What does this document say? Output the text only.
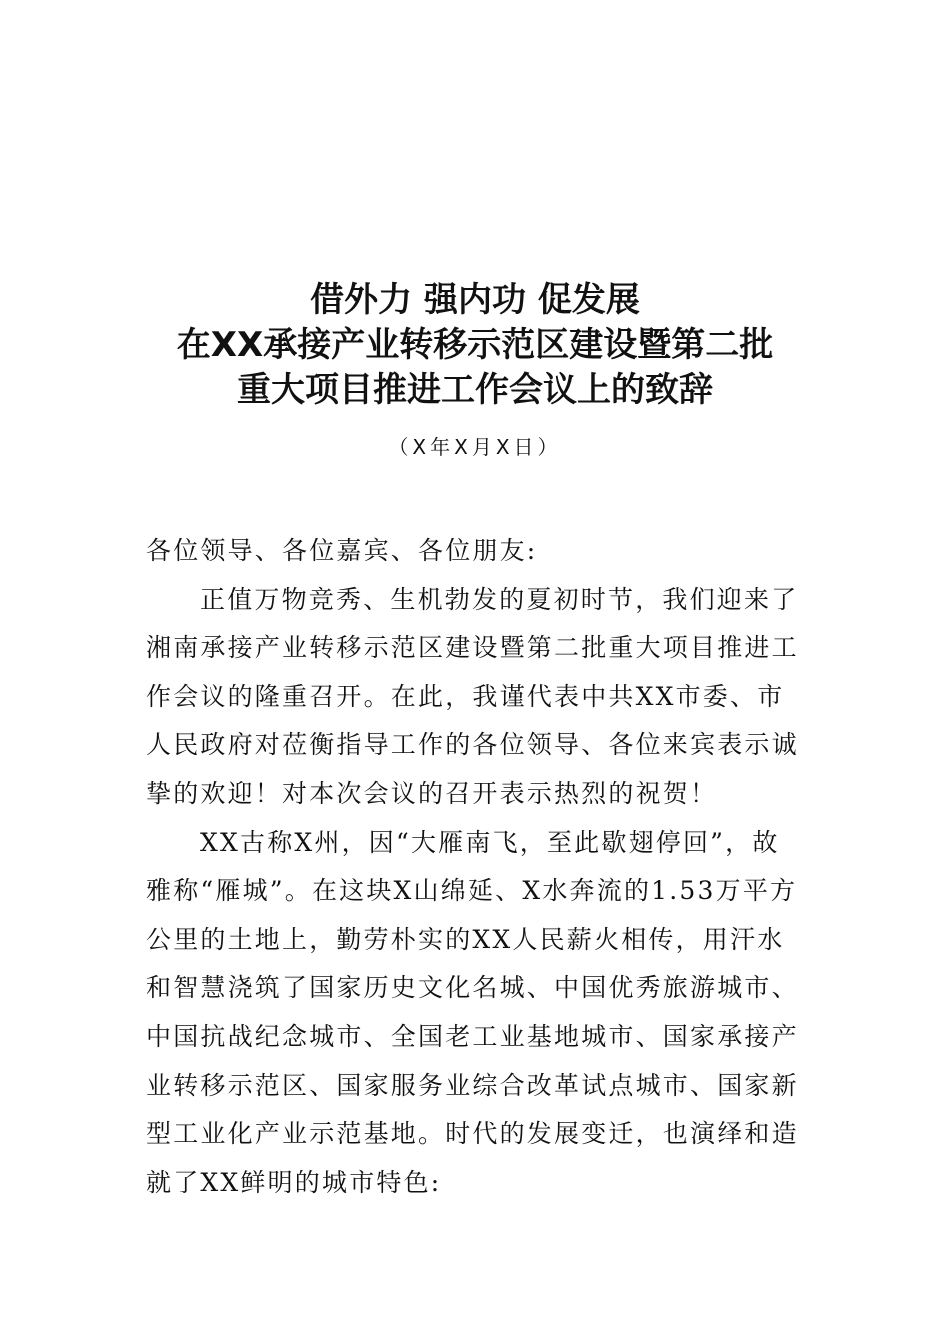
借外力 强内功 促发展
在XX承接产业转移示范区建设暨第二批
重大项目推进工作会议上的致辞
（X年X月X日）

各位领导、各位嘉宾、各位朋友:

正值万物竞秀、生机勃发的夏初时节，我们迎来了湘南承接产业转移示范区建设暨第二批重大项目推进工作会议的隆重召开。在此，我谨代表中共XX市委、市人民政府对莅衡指导工作的各位领导、各位来宾表示诚挚的欢迎！对本次会议的召开表示热烈的祝贺！

XX古称X州，因“大雁南飞，至此歇翅停回”，故雅称“雁城”。在这块X山绵延、X水奔流的1.53万平方公里的土地上，勤劳朴实的XX人民薪火相传，用汗水和智慧浇筑了国家历史文化名城、中国优秀旅游城市、中国抗战纪念城市、全国老工业基地城市、国家承接产业转移示范区、国家服务业综合改革试点城市、国家新型工业化产业示范基地。时代的发展变迁，也演绎和造就了XX鲜明的城市特色:
